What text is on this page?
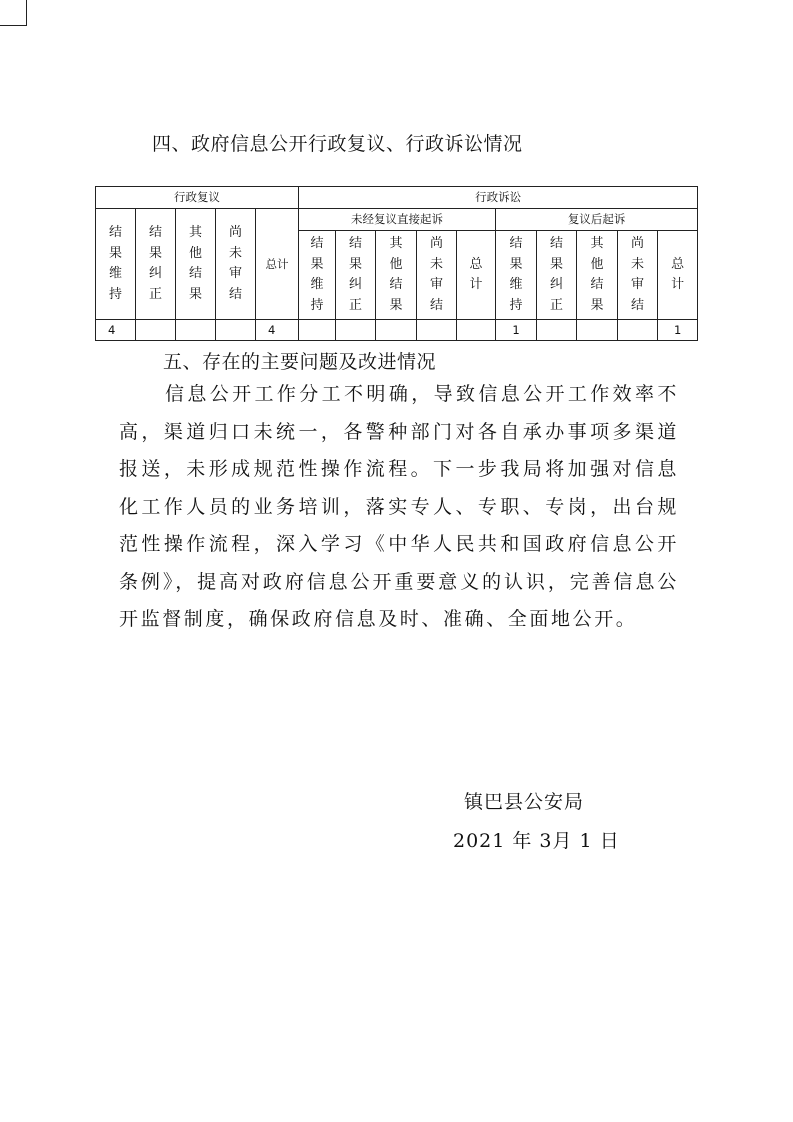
四、政府信息公开行政复议、行政诉讼情况
行政复议					行政诉讼									

结果维持	结果纠正	其他结果	尚未审结	总计	未经复议直接起诉					复议后起诉				

					结果维持	结果纠正	其他结果	尚未审结	总计	结果维持	结果纠正	其他结果	尚未审结	总计

4				4						1				1
五、存在的主要问题及改进情况
信息公开工作分工不明确，导致信息公开工作效率不高，渠道归口未统一，各警种部门对各自承办事项多渠道报送，未形成规范性操作流程。下一步我局将加强对信息化工作人员的业务培训，落实专人、专职、专岗，出台规范性操作流程，深入学习《中华人民共和国政府信息公开条例》，提高对政府信息公开重要意义的认识，完善信息公开监督制度，确保政府信息及时、准确、全面地公开。
镇巴县公安局
2021 年 3月 1 日
